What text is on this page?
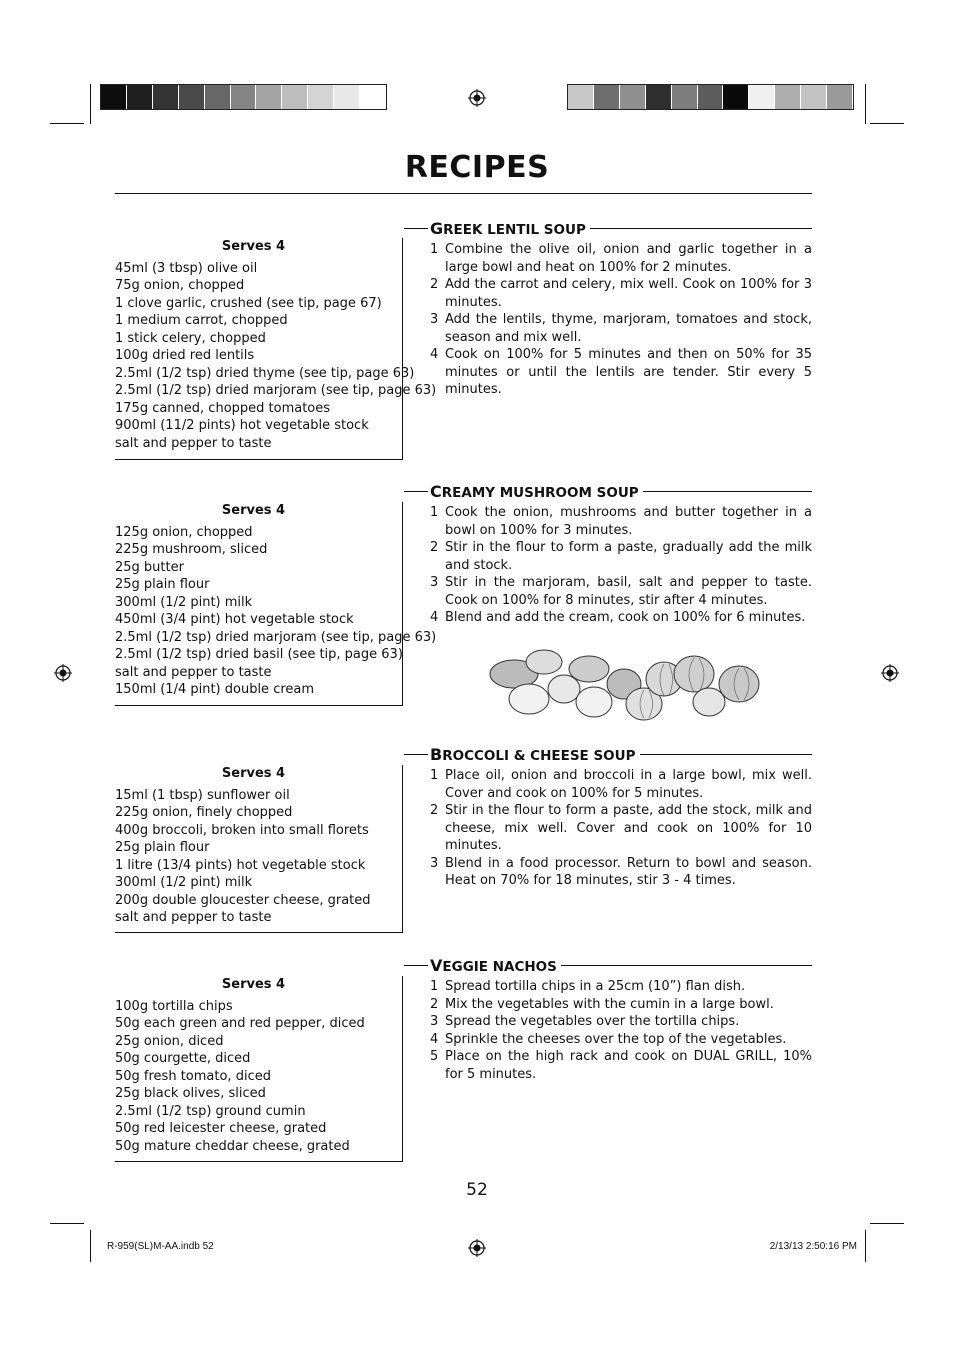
RECIPES
Serves 4
45ml (3 tbsp) olive oil
75g onion, chopped
1 clove garlic, crushed (see tip, page 67)
1 medium carrot, chopped
1 stick celery, chopped
100g dried red lentils
2.5ml (1/2 tsp) dried thyme (see tip, page 63)
2.5ml (1/2 tsp) dried marjoram (see tip, page 63)
175g canned, chopped tomatoes
900ml (11/2 pints) hot vegetable stock
salt and pepper to taste
GREEK LENTIL SOUP
1 Combine the olive oil, onion and garlic together in a large bowl and heat on 100% for 2 minutes.
2 Add the carrot and celery, mix well. Cook on 100% for 3 minutes.
3 Add the lentils, thyme, marjoram, tomatoes and stock, season and mix well.
4 Cook on 100% for 5 minutes and then on 50% for 35 minutes or until the lentils are tender. Stir every 5 minutes.
Serves 4
125g onion, chopped
225g mushroom, sliced
25g butter
25g plain flour
300ml (1/2 pint) milk
450ml (3/4 pint) hot vegetable stock
2.5ml (1/2 tsp) dried marjoram (see tip, page 63)
2.5ml (1/2 tsp) dried basil (see tip, page 63)
salt and pepper to taste
150ml (1/4 pint) double cream
CREAMY MUSHROOM SOUP
1 Cook the onion, mushrooms and butter together in a bowl on 100% for 3 minutes.
2 Stir in the flour to form a paste, gradually add the milk and stock.
3 Stir in the marjoram, basil, salt and pepper to taste. Cook on 100% for 8 minutes, stir after 4 minutes.
4 Blend and add the cream, cook on 100% for 6 minutes.
Serves 4
15ml (1 tbsp) sunflower oil
225g onion, finely chopped
400g broccoli, broken into small florets
25g plain flour
1 litre (13/4 pints) hot vegetable stock
300ml (1/2 pint) milk
200g double gloucester cheese, grated
salt and pepper to taste
BROCCOLI & CHEESE SOUP
1 Place oil, onion and broccoli in a large bowl, mix well. Cover and cook on 100% for 5 minutes.
2 Stir in the flour to form a paste, add the stock, milk and cheese, mix well. Cover and cook on 100% for 10 minutes.
3 Blend in a food processor. Return to bowl and season. Heat on 70% for 18 minutes, stir 3 - 4 times.
Serves 4
100g tortilla chips
50g each green and red pepper, diced
25g onion, diced
50g courgette, diced
50g fresh tomato, diced
25g black olives, sliced
2.5ml (1/2 tsp) ground cumin
50g red leicester cheese, grated
50g mature cheddar cheese, grated
VEGGIE NACHOS
1 Spread tortilla chips in a 25cm (10”) flan dish.
2 Mix the vegetables with the cumin in a large bowl.
3 Spread the vegetables over the tortilla chips.
4 Sprinkle the cheeses over the top of the vegetables.
5 Place on the high rack and cook on DUAL GRILL, 10% for 5 minutes.
52
R-959(SL)M-AA.indb 52	2/13/13 2:50:16 PM
